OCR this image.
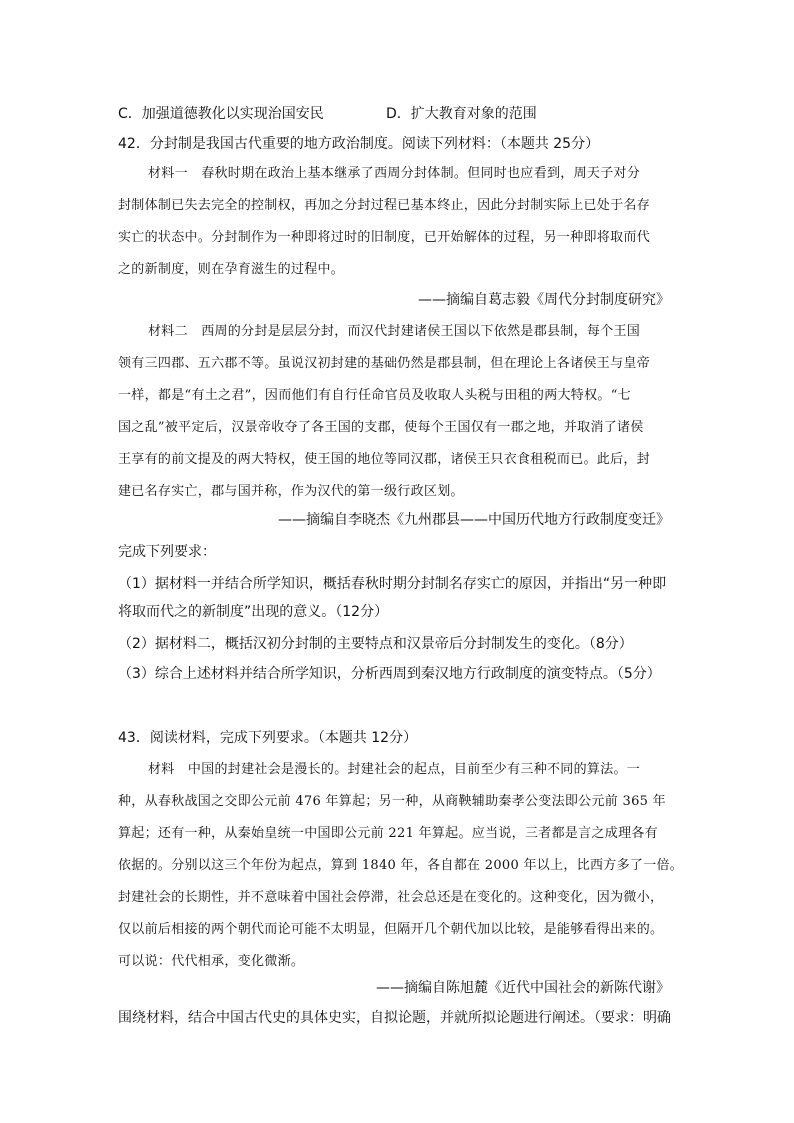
C．加强道德教化以实现治国安民	D．扩大教育对象的范围
42．分封制是我国古代重要的地方政治制度。阅读下列材料：（本题共 25分）
材料一　春秋时期在政治上基本继承了西周分封体制。但同时也应看到，周天子对分
封制体制已失去完全的控制权，再加之分封过程已基本终止，因此分封制实际上已处于名存
实亡的状态中。分封制作为一种即将过时的旧制度，已开始解体的过程，另一种即将取而代
之的新制度，则在孕育滋生的过程中。
——摘编自葛志毅《周代分封制度研究》
材料二　西周的分封是层层分封，而汉代封建诸侯王国以下依然是郡县制，每个王国
领有三四郡、五六郡不等。虽说汉初封建的基础仍然是郡县制，但在理论上各诸侯王与皇帝
一样，都是“有土之君”，因而他们有自行任命官员及收取人头税与田租的两大特权。“七
国之乱”被平定后，汉景帝收夺了各王国的支郡，使每个王国仅有一郡之地，并取消了诸侯
王享有的前文提及的两大特权，使王国的地位等同汉郡，诸侯王只衣食租税而已。此后，封
建已名存实亡，郡与国并称，作为汉代的第一级行政区划。
——摘编自李晓杰《九州郡县——中国历代地方行政制度变迁》
完成下列要求：
（1）据材料一并结合所学知识，概括春秋时期分封制名存实亡的原因，并指出“另一种即
将取而代之的新制度”出现的意义。（12分）
（2）据材料二，概括汉初分封制的主要特点和汉景帝后分封制发生的变化。（8分）
（3）综合上述材料并结合所学知识，分析西周到秦汉地方行政制度的演变特点。（5分）
43．阅读材料，完成下列要求。（本题共 12分）
材料　中国的封建社会是漫长的。封建社会的起点，目前至少有三种不同的算法。一
种，从春秋战国之交即公元前 476 年算起；另一种，从商鞅辅助秦孝公变法即公元前 365 年
算起；还有一种，从秦始皇统一中国即公元前 221 年算起。应当说，三者都是言之成理各有
依据的。分别以这三个年份为起点，算到 1840 年，各自都在 2000 年以上，比西方多了一倍。
封建社会的长期性，并不意味着中国社会停滞，社会总还是在变化的。这种变化，因为微小，
仅以前后相接的两个朝代而论可能不太明显，但隔开几个朝代加以比较，是能够看得出来的。
可以说：代代相承，变化微渐。
——摘编自陈旭麓《近代中国社会的新陈代谢》
围绕材料，结合中国古代史的具体史实，自拟论题，并就所拟论题进行阐述。（要求：明确
